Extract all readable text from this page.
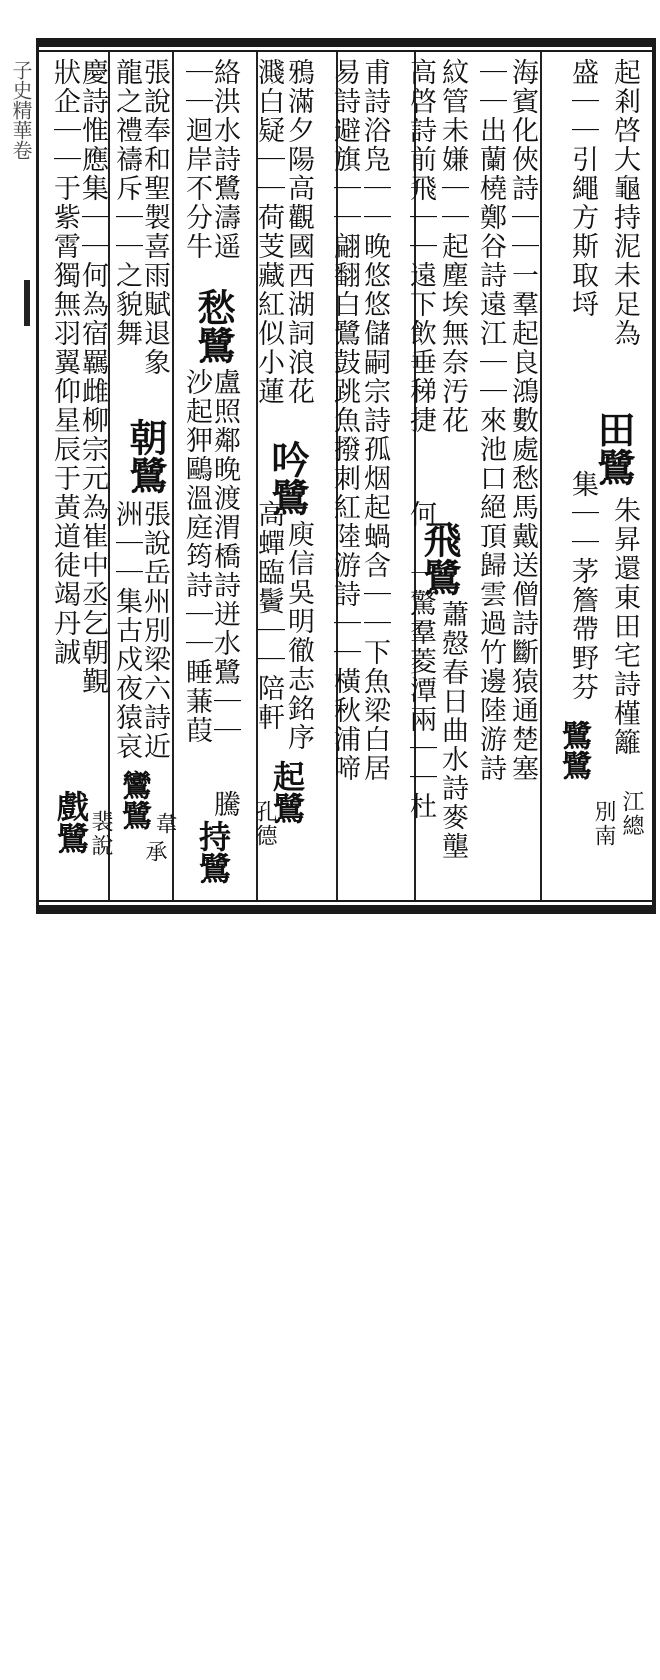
起剎啓大龜持泥未足為
田鷺
朱昇還東田宅詩槿籬
盛｜｜引繩方斯取埒
集｜｜茅簷帶野芬
鷺鷺
江總
別南
海賓化俠詩｜｜一羣起良鴻數處愁馬戴送僧詩斷猿通楚塞
｜｜出蘭橈鄭谷詩遠江｜｜來池口絕頂歸雲過竹邊陸游詩
紋管未嫌｜｜起塵埃無奈汚花
飛鷺
蕭慤春日曲水詩麥壟
高啓詩前飛｜｜遠下飲垂稊捷
何
一驚羣菱潭兩｜｜杜
甫詩浴凫｜｜晚悠悠儲嗣宗詩孤烟起蝸含｜｜下魚梁白居
易詩避旗｜｜翩翻白鷺鼓跳魚撥刺紅陸游詩｜｜橫秋浦啼
鴉滿夕陽高觀國西湖詞浪花
吟鷺
庾信吳明徹志銘序
濺白疑｜｜荷芰藏紅似小蓮
高蟬臨鬢｜｜陪軒
起鷺
孔德
絡洪水詩鷺濤遥
愁鷺
盧照鄰晚渡渭橋詩迸水鷺｜｜
騰
｜｜迴岸不分牛
沙起狎鷗溫庭筠詩｜｜睡蒹葭
持鷺
張說奉和聖製喜雨賦退象
朝鷺
張說岳州別梁六詩近
韋
龍之禮禱斥｜｜之貌舞
洲｜｜集古戍夜猿哀
鸞鷺
承
慶詩惟應集｜｜何為宿羈雌柳宗元為崔中丞乞朝覲
狀企｜｜于紫霄獨無羽翼仰星辰于黃道徒竭丹誠
戲鷺
裴說
子史精華卷
